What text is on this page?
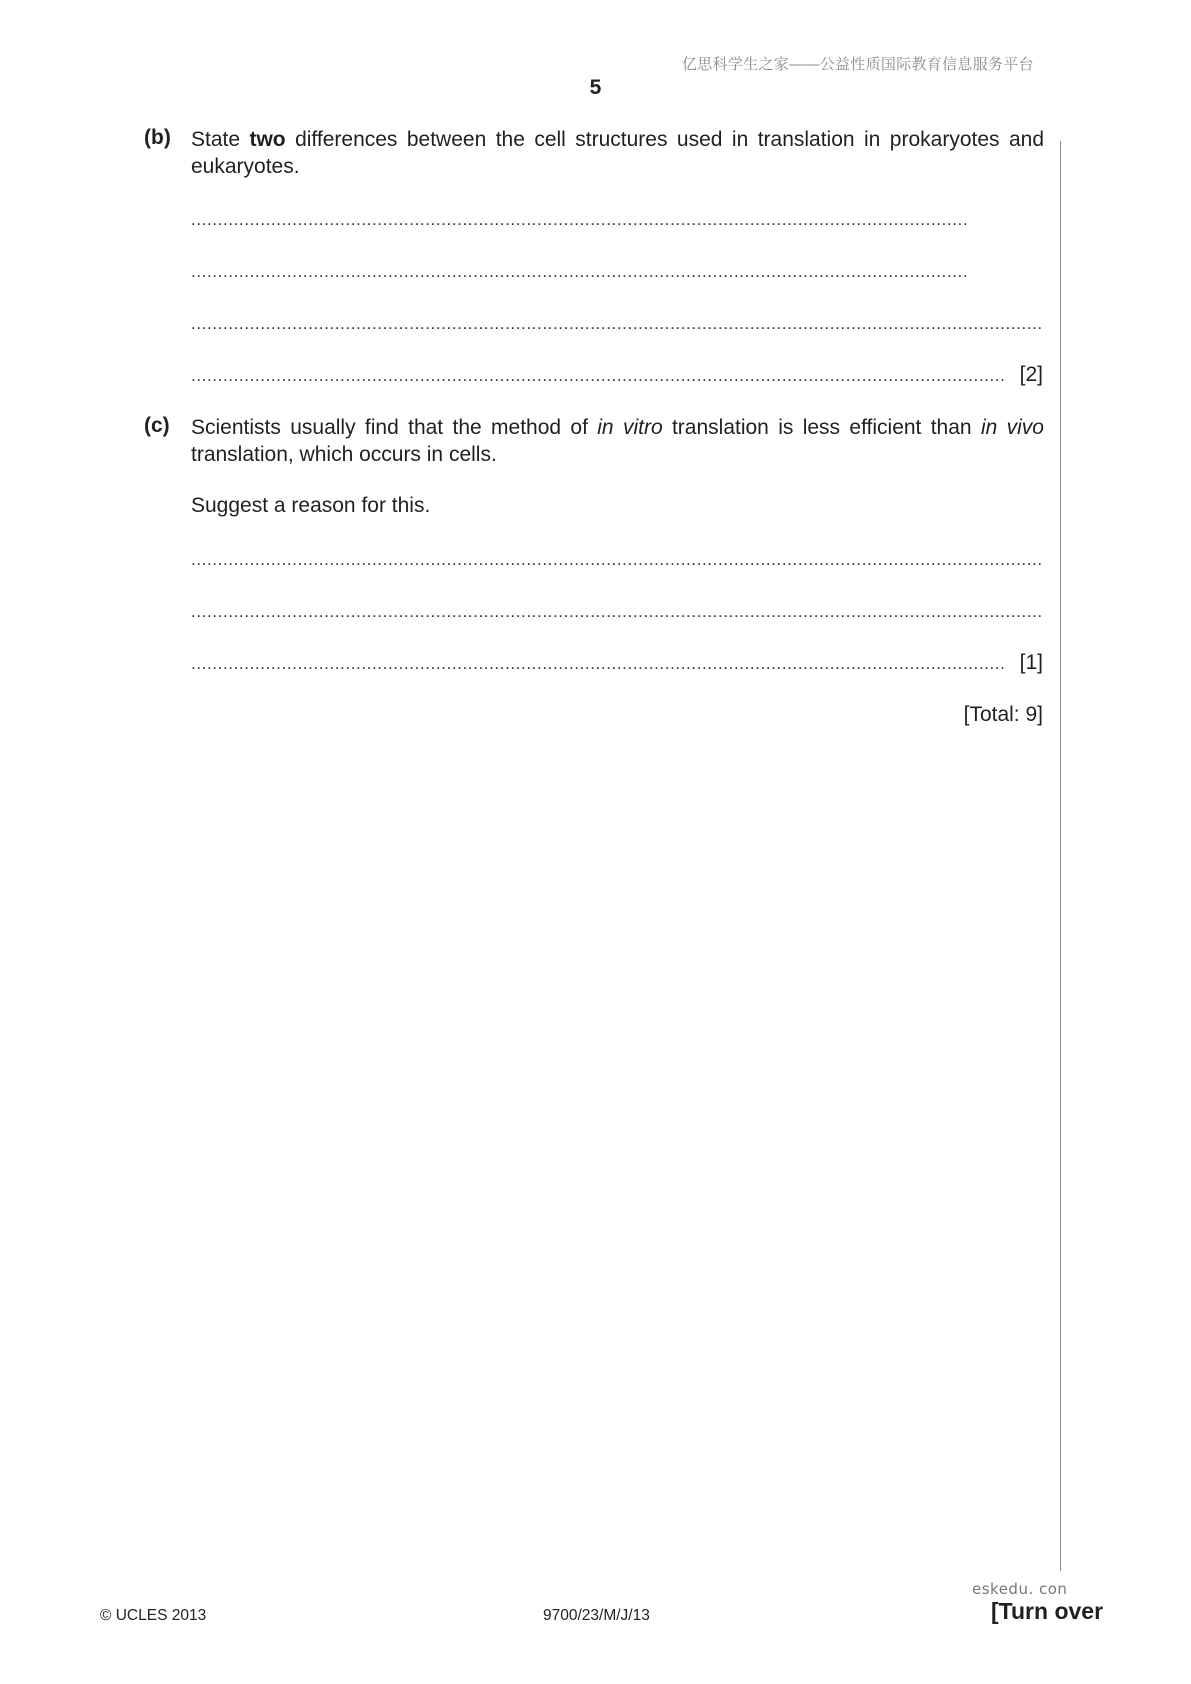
亿思科学生之家——公益性质国际教育信息服务平台
5
(b) State two differences between the cell structures used in translation in prokaryotes and
eukaryotes.
.....
.....
.....
.....
[2]
(c) Scientists usually find that the method of in vitro translation is less efficient than in vivo
translation, which occurs in cells.
Suggest a reason for this.
.....
.....
.....
[1]
[Total: 9]
eskedu. con
© UCLES 2013	9700/23/M/J/13	[Turn over
